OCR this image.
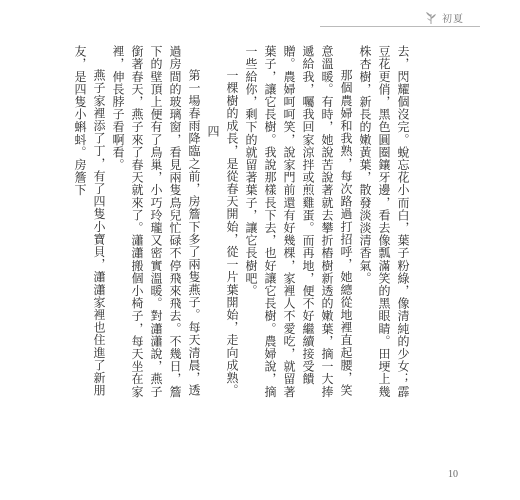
初夏

去，閃耀個沒完。蛻忘花小而白，葉子粉綠，像清純的少女；霹豆花更俏，黑色圓圈鑲牙邊，看去像瓢滿笑的黑眼睛。田埂上幾株杏樹，新長的嫩黃葉，散發淡淡清香氣。

那個農婦和我熟，每次路過打招呼，她總從地裡直起腰，笑意溫暖。有時，她說苦說著就去攀折樁樹新透的嫩葉，摘一大捧遞給我，囑我回家涼拌或煎雞蛋。而再地，便不好繼續接受饋贈。農婦呵呵笑，說家門前還有好幾棵，家裡人不愛吃，就留著葉子，讓它長樹。我說那樣長下去，也好讓它長樹。農婦說，摘一些給你，剩下的就留著葉子，讓它長樹吧。

一棵樹的成長，是從春天開始，從一片葉開始，走向成熟。

四

第一場春雨降臨之前，房簷下多了兩隻燕子。每天清晨，透過房間的玻璃窗，看見兩隻鳥兒忙碌不停飛來飛去。不幾日，簷下的壁頂上便有了鳥巢，小巧玲瓏又密實溫暖。對瀟瀟說，燕子銜著春天，燕子來了春天就來了。瀟瀟搬個小椅子，每天坐在家裡，伸長脖子看啊看。

燕子家裡添了丁，有了四隻小寶貝，瀟瀟家裡也住進了新朋友，是四隻小蝌蚪。房簷下

10
